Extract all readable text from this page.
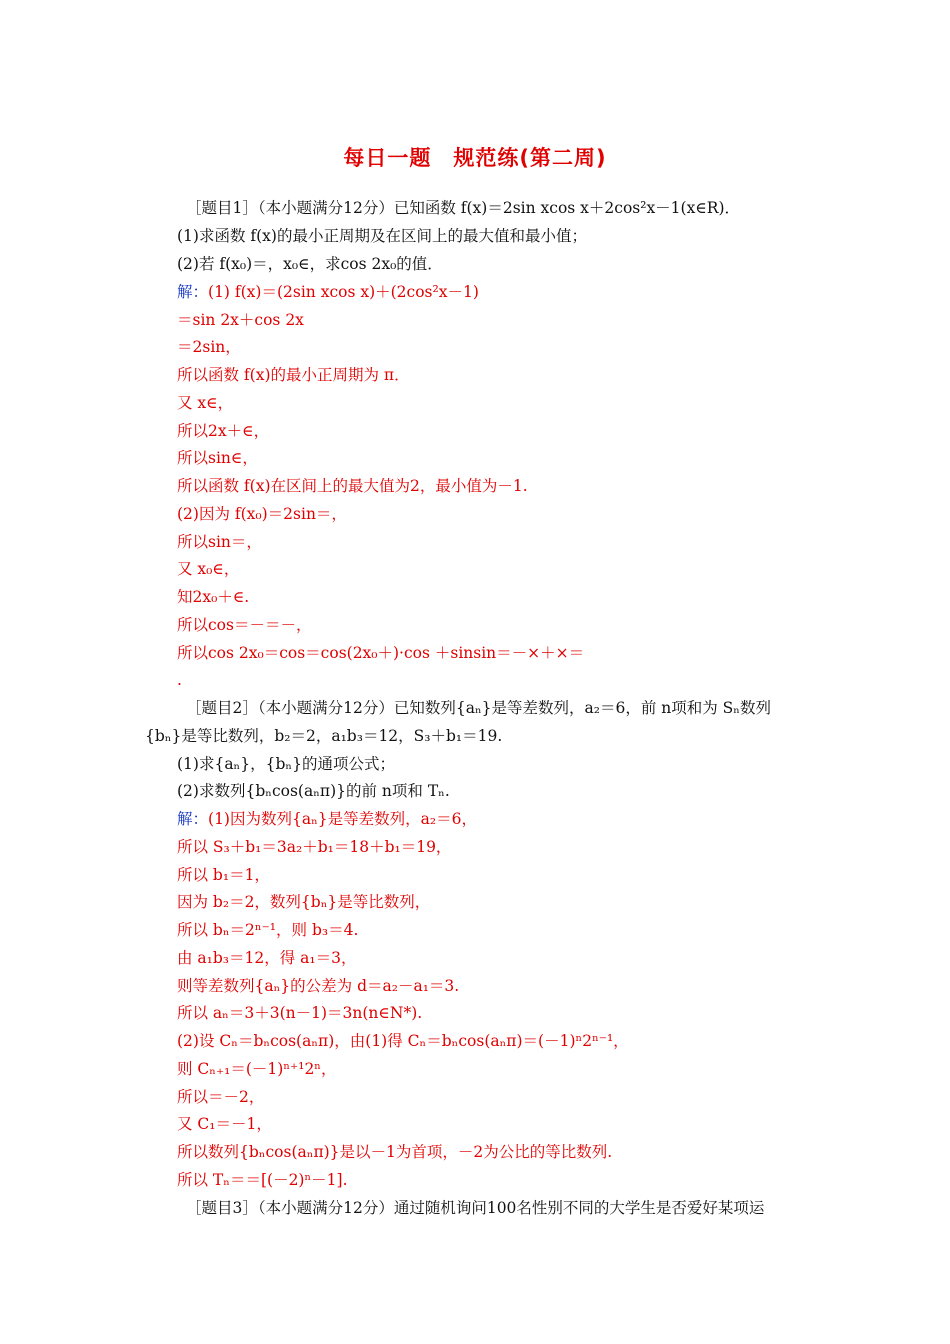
每日一题　规范练(第二周)
［题目1］（本小题满分12分）已知函数 f(x)＝2sin xcos x＋2cos²x－1(x∈R)．
(1)求函数 f(x)的最小正周期及在区间上的最大值和最小值；
(2)若 f(x₀)＝，x₀∈，求cos 2x₀的值．
解：(1) f(x)＝(2sin xcos x)＋(2cos²x－1)
＝sin 2x＋cos 2x
＝2sin，
所以函数 f(x)的最小正周期为 π．
又 x∈，
所以2x＋∈，
所以sin∈，
所以函数 f(x)在区间上的最大值为2，最小值为－1.
(2)因为 f(x₀)＝2sin＝，
所以sin＝，
又 x₀∈，
知2x₀＋∈.
所以cos＝－＝－，
所以cos 2x₀＝cos＝cos(2x₀＋)·cos ＋sinsin＝－×＋×＝
.
［题目2］（本小题满分12分）已知数列{aₙ}是等差数列，a₂＝6，前 n项和为 Sₙ数列
{bₙ}是等比数列，b₂＝2，a₁b₃＝12，S₃＋b₁＝19.
(1)求{aₙ}，{bₙ}的通项公式；
(2)求数列{bₙcos(aₙπ)}的前 n项和 Tₙ.
解：(1)因为数列{aₙ}是等差数列，a₂＝6，
所以 S₃＋b₁＝3a₂＋b₁＝18＋b₁＝19，
所以 b₁＝1，
因为 b₂＝2，数列{bₙ}是等比数列，
所以 bₙ＝2ⁿ⁻¹，则 b₃＝4.
由 a₁b₃＝12，得 a₁＝3，
则等差数列{aₙ}的公差为 d＝a₂－a₁＝3.
所以 aₙ＝3＋3(n－1)＝3n(n∈N*).
(2)设 Cₙ＝bₙcos(aₙπ)，由(1)得 Cₙ＝bₙcos(aₙπ)＝(－1)ⁿ2ⁿ⁻¹，
则 Cₙ₊₁＝(－1)ⁿ⁺¹2ⁿ，
所以＝－2，
又 C₁＝－1，
所以数列{bₙcos(aₙπ)}是以－1为首项，－2为公比的等比数列.
所以 Tₙ＝＝[(－2)ⁿ－1].
［题目3］（本小题满分12分）通过随机询问100名性别不同的大学生是否爱好某项运
